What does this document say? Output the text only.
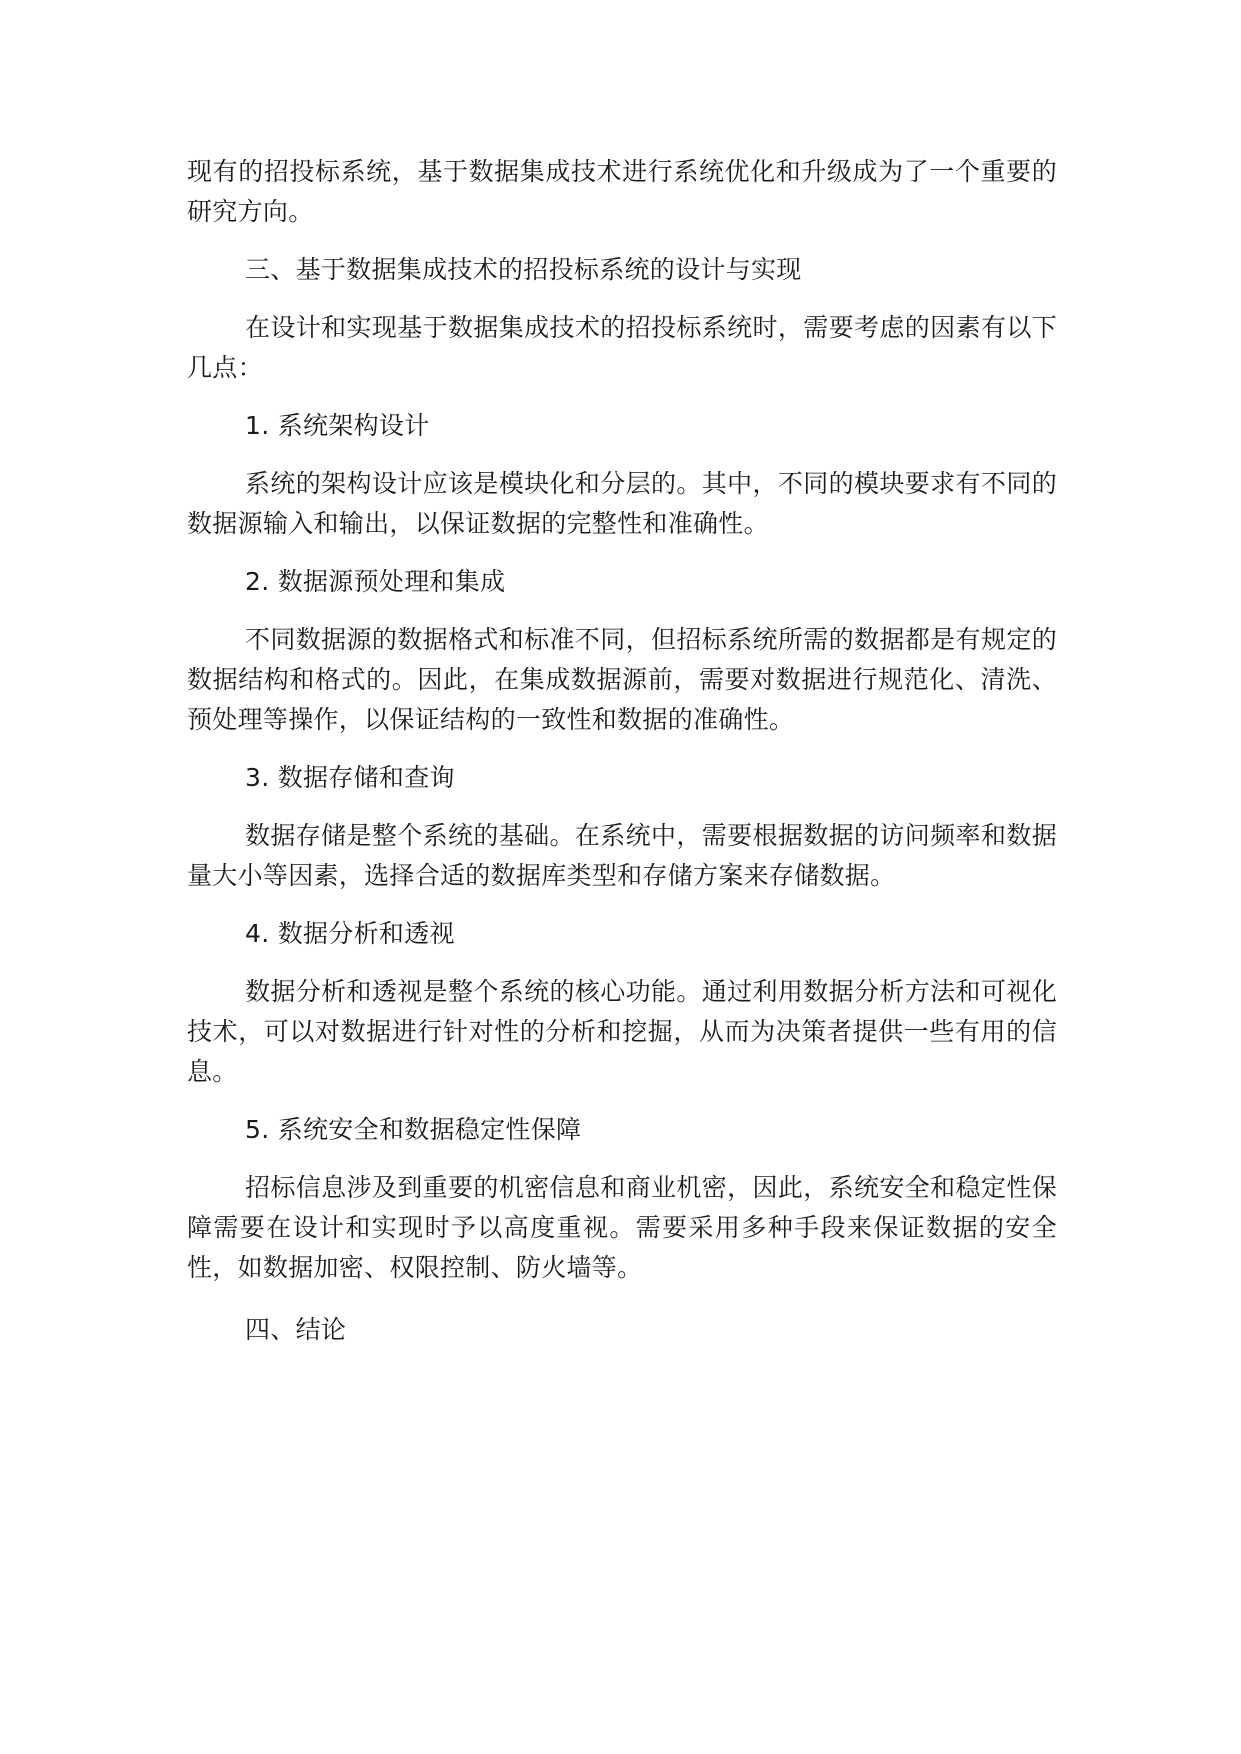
现有的招投标系统，基于数据集成技术进行系统优化和升级成为了一个重要的研究方向。

三、基于数据集成技术的招投标系统的设计与实现

在设计和实现基于数据集成技术的招投标系统时，需要考虑的因素有以下几点：

1. 系统架构设计

系统的架构设计应该是模块化和分层的。其中，不同的模块要求有不同的数据源输入和输出，以保证数据的完整性和准确性。

2. 数据源预处理和集成

不同数据源的数据格式和标准不同，但招标系统所需的数据都是有规定的数据结构和格式的。因此，在集成数据源前，需要对数据进行规范化、清洗、预处理等操作，以保证结构的一致性和数据的准确性。

3. 数据存储和查询

数据存储是整个系统的基础。在系统中，需要根据数据的访问频率和数据量大小等因素，选择合适的数据库类型和存储方案来存储数据。

4. 数据分析和透视

数据分析和透视是整个系统的核心功能。通过利用数据分析方法和可视化技术，可以对数据进行针对性的分析和挖掘，从而为决策者提供一些有用的信息。

5. 系统安全和数据稳定性保障

招标信息涉及到重要的机密信息和商业机密，因此，系统安全和稳定性保障需要在设计和实现时予以高度重视。需要采用多种手段来保证数据的安全性，如数据加密、权限控制、防火墙等。

四、结论
